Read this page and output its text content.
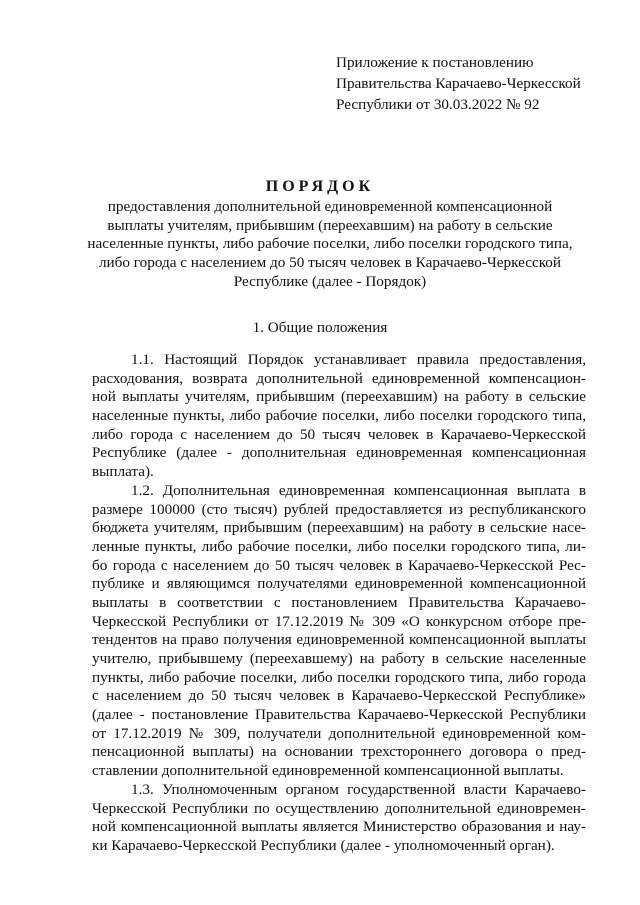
Приложение к постановлению
Правительства Карачаево-Черкесской
Республики от 30.03.2022 № 92
ПОРЯДОК
предоставления дополнительной единовременной компенсационной
выплаты учителям, прибывшим (переехавшим) на работу в сельские
населенные пункты, либо рабочие поселки, либо поселки городского типа,
либо города с населением до 50 тысяч человек в Карачаево-Черкесской
Республике (далее - Порядок)
1. Общие положения
1.1. Настоящий Порядок устанавливает правила предоставления,
расходования, возврата дополнительной единовременной компенсацион-
ной выплаты учителям, прибывшим (переехавшим) на работу в сельские
населенные пункты, либо рабочие поселки, либо поселки городского типа,
либо города с населением до 50 тысяч человек в Карачаево-Черкесской
Республике (далее - дополнительная единовременная компенсационная
выплата).
1.2. Дополнительная единовременная компенсационная выплата в
размере 100000 (сто тысяч) рублей предоставляется из республиканского
бюджета учителям, прибывшим (переехавшим) на работу в сельские насе-
ленные пункты, либо рабочие поселки, либо поселки городского типа, ли-
бо города с населением до 50 тысяч человек в Карачаево-Черкесской Рес-
публике и являющимся получателями единовременной компенсационной
выплаты в соответствии с постановлением Правительства Карачаево-
Черкесской Республики от 17.12.2019 № 309 «О конкурсном отборе пре-
тендентов на право получения единовременной компенсационной выплаты
учителю, прибывшему (переехавшему) на работу в сельские населенные
пункты, либо рабочие поселки, либо поселки городского типа, либо города
с населением до 50 тысяч человек в Карачаево-Черкесской Республике»
(далее - постановление Правительства Карачаево-Черкесской Республики
от 17.12.2019 № 309, получатели дополнительной единовременной ком-
пенсационной выплаты) на основании трехстороннего договора о пред-
ставлении дополнительной единовременной компенсационной выплаты.
1.3. Уполномоченным органом государственной власти Карачаево-
Черкесской Республики по осуществлению дополнительной единовремен-
ной компенсационной выплаты является Министерство образования и нау-
ки Карачаево-Черкесской Республики (далее - уполномоченный орган).
